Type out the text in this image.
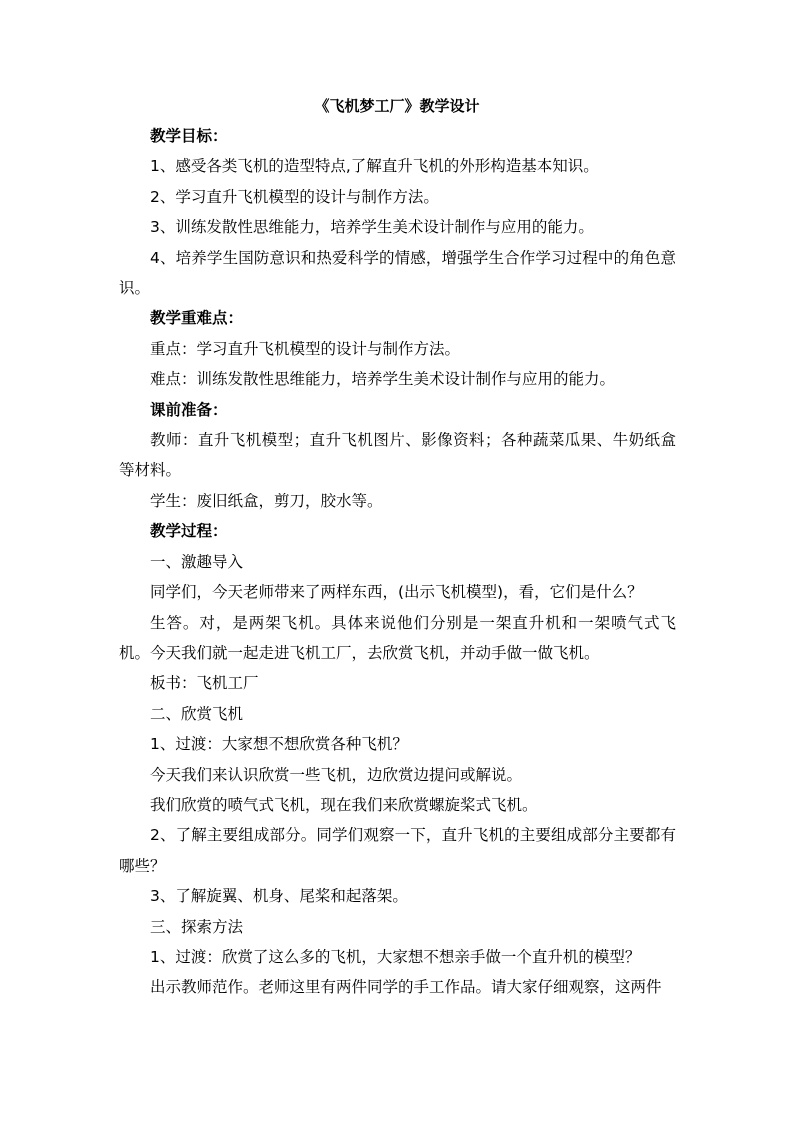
《飞机梦工厂》教学设计

教学目标：

1、感受各类飞机的造型特点,了解直升飞机的外形构造基本知识。

2、学习直升飞机模型的设计与制作方法。

3、训练发散性思维能力，培养学生美术设计制作与应用的能力。

4、培养学生国防意识和热爱科学的情感，增强学生合作学习过程中的角色意识。

教学重难点：

重点：学习直升飞机模型的设计与制作方法。

难点：训练发散性思维能力，培养学生美术设计制作与应用的能力。

课前准备：

教师：直升飞机模型；直升飞机图片、影像资料；各种蔬菜瓜果、牛奶纸盒等材料。

学生：废旧纸盒，剪刀，胶水等。

教学过程：

一、激趣导入

同学们，今天老师带来了两样东西，(出示飞机模型)，看，它们是什么？

生答。对，是两架飞机。具体来说他们分别是一架直升机和一架喷气式飞机。今天我们就一起走进飞机工厂，去欣赏飞机，并动手做一做飞机。

板书：飞机工厂

二、欣赏飞机

1、过渡：大家想不想欣赏各种飞机？

今天我们来认识欣赏一些飞机，边欣赏边提问或解说。

我们欣赏的喷气式飞机，现在我们来欣赏螺旋桨式飞机。

2、了解主要组成部分。同学们观察一下，直升飞机的主要组成部分主要都有哪些？

3、了解旋翼、机身、尾桨和起落架。

三、探索方法

1、过渡：欣赏了这么多的飞机，大家想不想亲手做一个直升机的模型？

出示教师范作。老师这里有两件同学的手工作品。请大家仔细观察，这两件
